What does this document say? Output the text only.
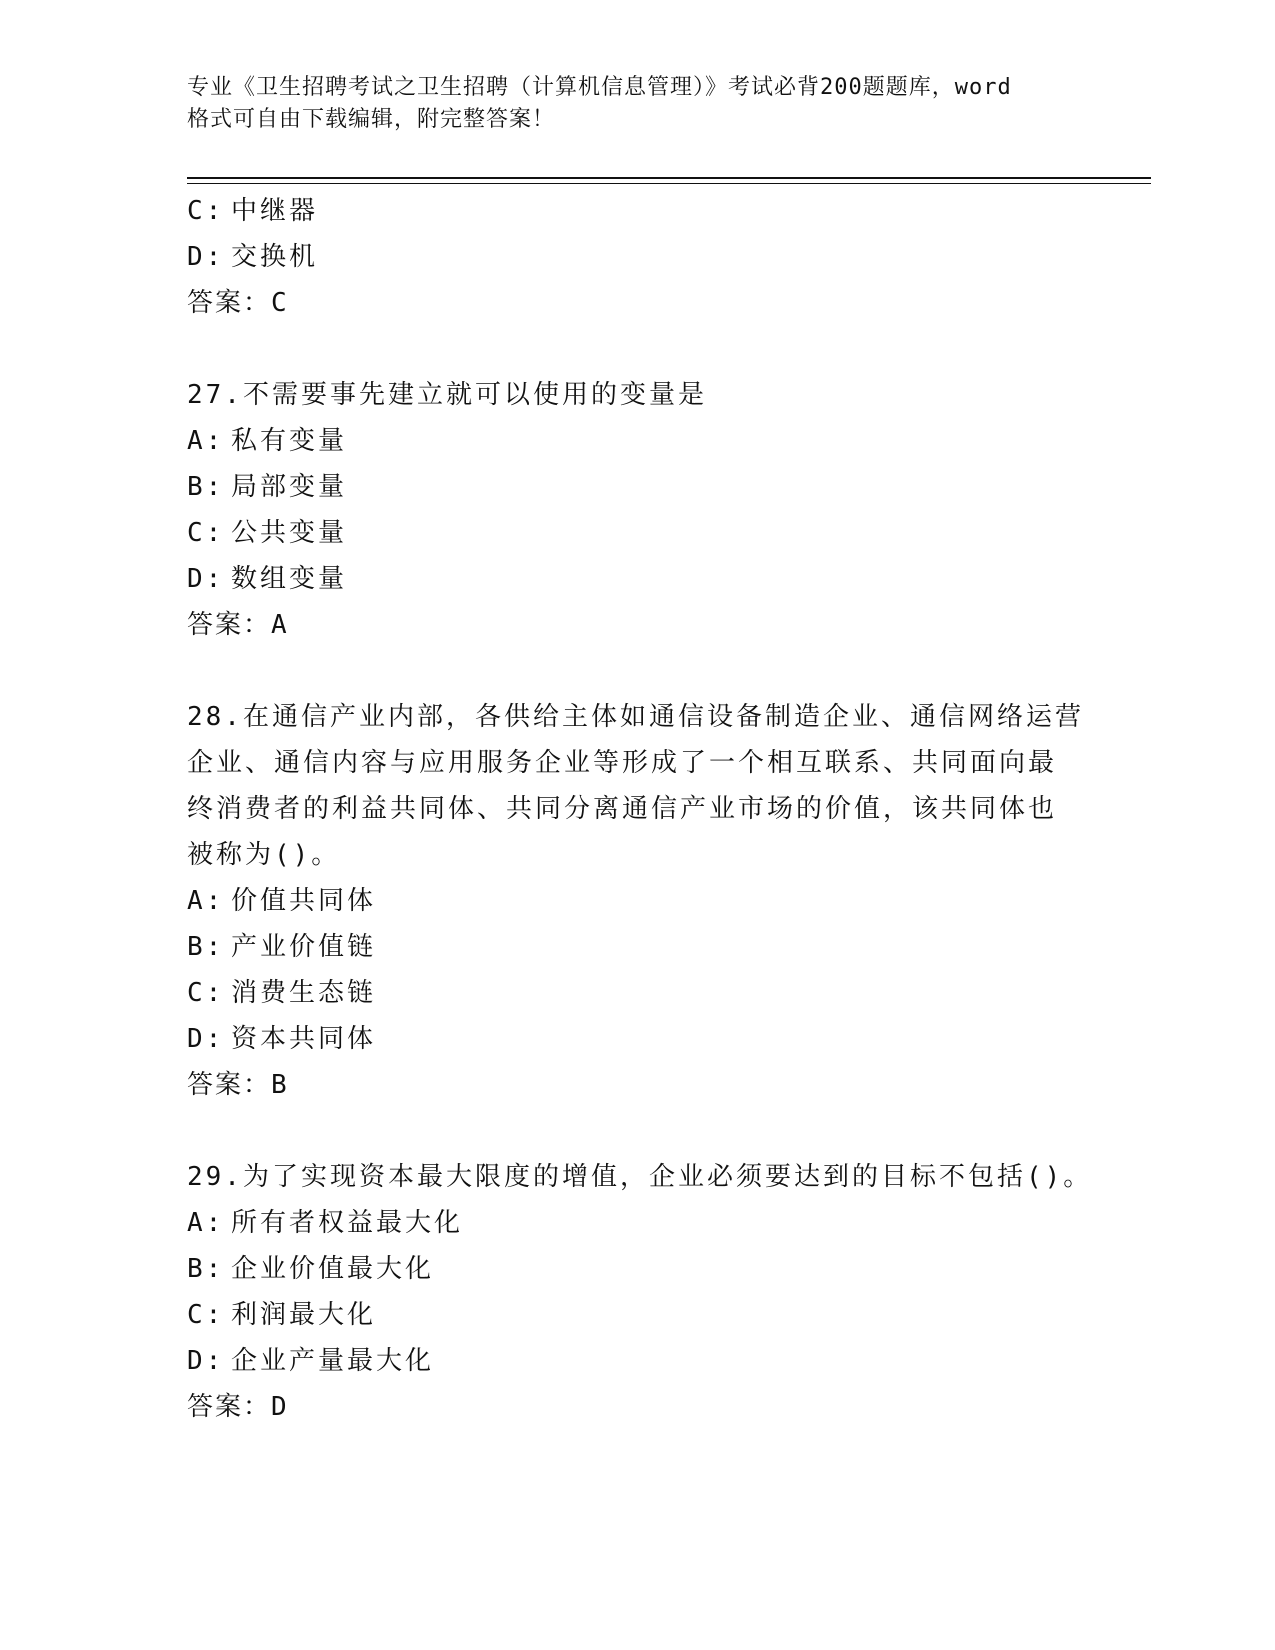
专业《卫生招聘考试之卫生招聘（计算机信息管理）》考试必背200题题库，word
格式可自由下载编辑，附完整答案！
C: 中继器
D: 交换机
答案：C
27.不需要事先建立就可以使用的变量是
A: 私有变量
B: 局部变量
C: 公共变量
D: 数组变量
答案：A
28.在通信产业内部，各供给主体如通信设备制造企业、通信网络运营
企业、通信内容与应用服务企业等形成了一个相互联系、共同面向最
终消费者的利益共同体、共同分离通信产业市场的价值，该共同体也
被称为()。
A: 价值共同体
B: 产业价值链
C: 消费生态链
D: 资本共同体
答案：B
29.为了实现资本最大限度的增值，企业必须要达到的目标不包括()。
A: 所有者权益最大化
B: 企业价值最大化
C: 利润最大化
D: 企业产量最大化
答案：D
